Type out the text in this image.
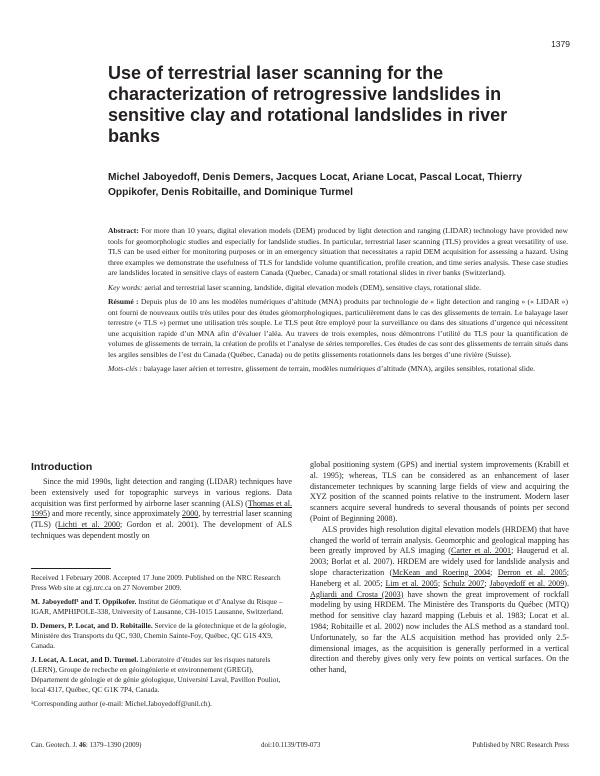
1379
Use of terrestrial laser scanning for the characterization of retrogressive landslides in sensitive clay and rotational landslides in river banks
Michel Jaboyedoff, Denis Demers, Jacques Locat, Ariane Locat, Pascal Locat, Thierry Oppikofer, Denis Robitaille, and Dominique Turmel

Abstract: For more than 10 years, digital elevation models (DEM) produced by light detection and ranging (LIDAR) technology have provided new tools for geomorphologic studies and especially for landslide studies. In particular, terrestrial laser scanning (TLS) provides a great versatility of use. TLS can be used either for monitoring purposes or in an emergency situation that necessitates a rapid DEM acquisition for assessing a hazard. Using three examples we demonstrate the usefulness of TLS for landslide volume quantification, profile creation, and time series analysis. These case studies are landslides located in sensitive clays of eastern Canada (Quebec, Canada) or small rotational slides in river banks (Switzerland).

Key words: aerial and terrestrial laser scanning, landslide, digital elevation models (DEM), sensitive clays, rotational slide.

Résumé : Depuis plus de 10 ans les modèles numériques d’altitude (MNA) produits par technologie de « light detection and ranging » (« LIDAR ») ont fourni de nouveaux outils très utiles pour des études géomorphologiques, particulièrement dans le cas des glissements de terrain. Le balayage laser terrestre (« TLS ») permet une utilisation très souple. Le TLS peut être employé pour la surveillance ou dans des situations d’urgence qui nécessitent une acquisition rapide d’un MNA afin d’évaluer l’aléa. Au travers de trois exemples, nous démontrons l’utilité du TLS pour la quantification de volumes de glissements de terrain, la création de profils et l’analyse de séries temporelles. Ces études de cas sont des glissements de terrain situés dans les argiles sensibles de l’est du Canada (Québec, Canada) ou de petits glissements rotationnels dans les berges d’une rivière (Suisse).

Mots-clés : balayage laser aérien et terrestre, glissement de terrain, modèles numériques d’altitude (MNA), argiles sensibles, rotational slide.

Introduction

Since the mid 1990s, light detection and ranging (LIDAR) techniques have been extensively used for topographic surveys in various regions. Data acquisition was first performed by airborne laser scanning (ALS) (Thomas et al. 1995) and more recently, since approximately 2000, by terrestrial laser scanning (TLS) (Lichti et al. 2000; Gordon et al. 2001). The development of ALS techniques was dependent mostly on

Received 1 February 2008. Accepted 17 June 2009. Published on the NRC Research Press Web site at cgj.nrc.ca on 27 November 2009.

M. Jaboyedoff¹ and T. Oppikofer. Institut de Géomatique et d’Analyse du Risque – IGAR, AMPHIPOLE-338, University of Lausanne, CH-1015 Lausanne, Switzerland.

D. Demers, P. Locat, and D. Robitaille. Service de la géotechnique et de la géologie, Ministère des Transports du QC, 930, Chemin Sainte-Foy, Québec, QC G1S 4X9, Canada.

J. Locat, A. Locat, and D. Turmel. Laboratoire d’études sur les risques naturels (LERN), Groupe de recheche en géoingénierie et environnement (GREGI), Département de géologie et de génie géologique, Université Laval, Pavillon Pouliot, local 4317, Québec, QC G1K 7P4, Canada.

¹Corresponding author (e-mail: Michel.Jaboyedoff@unil.ch).

global positioning system (GPS) and inertial system improvements (Krabill et al. 1995); whereas, TLS can be considered as an enhancement of laser distancemeter techniques by scanning large fields of view and acquiring the XYZ position of the scanned points relative to the instrument. Modern laser scanners acquire several hundreds to several thousands of points per second (Point of Beginning 2008).

ALS provides high resolution digital elevation models (HRDEM) that have changed the world of terrain analysis. Geomorphic and geological mapping has been greatly improved by ALS imaging (Carter et al. 2001; Haugerud et al. 2003; Borlat et al. 2007). HRDEM are widely used for landslide analysis and slope characterization (McKean and Roering 2004; Derron et al. 2005; Haneberg et al. 2005; Lim et al. 2005; Schulz 2007; Jaboyedoff et al. 2009). Agliardi and Crosta (2003) have shown the great improvement of rockfall modeling by using HRDEM. The Ministère des Transports du Québec (MTQ) method for sensitive clay hazard mapping (Lebuis et al. 1983; Locat et al. 1984; Robitaille et al. 2002) now includes the ALS method as a standard tool. Unfortunately, so far the ALS acquisition method has provided only 2.5-dimensional images, as the acquisition is generally performed in a vertical direction and thereby gives only very few points on vertical surfaces. On the other hand,

Can. Geotech. J. 46: 1379–1390 (2009)	doi:10.1139/T09-073	Published by NRC Research Press
